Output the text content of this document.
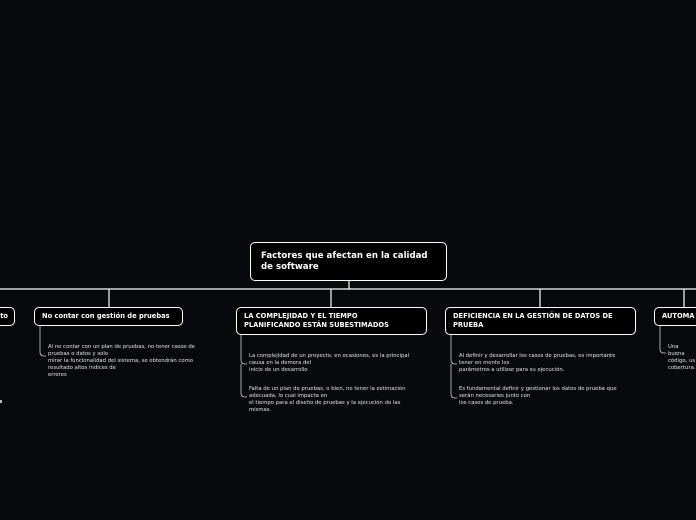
Factores que afectan en la calidad
de software
to	No contar con gestión de pruebas	LA COMPLEJIDAD Y EL TIEMPO
PLANIFICANDO ESTÁN SUBESTIMADOS
DEFICIENCIA EN LA GESTIÓN DE DATOS DE
PRUEBA
AUTOMA
Al no contar con un plan de pruebas, no tener casos de
pruebas o datos y sólo
mirar la funcionalidad del sistema, se obtendrán como
resultado altos índices de
errores
La complejidad de un proyecto, en ocasiones, es la principal
causa en la demora del
inicio de un desarrollo
Falta de un plan de pruebas, o bien, no tener la estimación
adecuada, lo cual impacta en
el tiempo para el diseño de pruebas y la ejecución de las
mismas.
Al definir y desarrollar los casos de pruebas, es importante
tener en mente los
parámetros a utilizar para su ejecución.
Es fundamental definir y gestionar los datos de prueba que
serán necesarios junto con
los casos de prueba.
Una buena
código, us
cobertura.
